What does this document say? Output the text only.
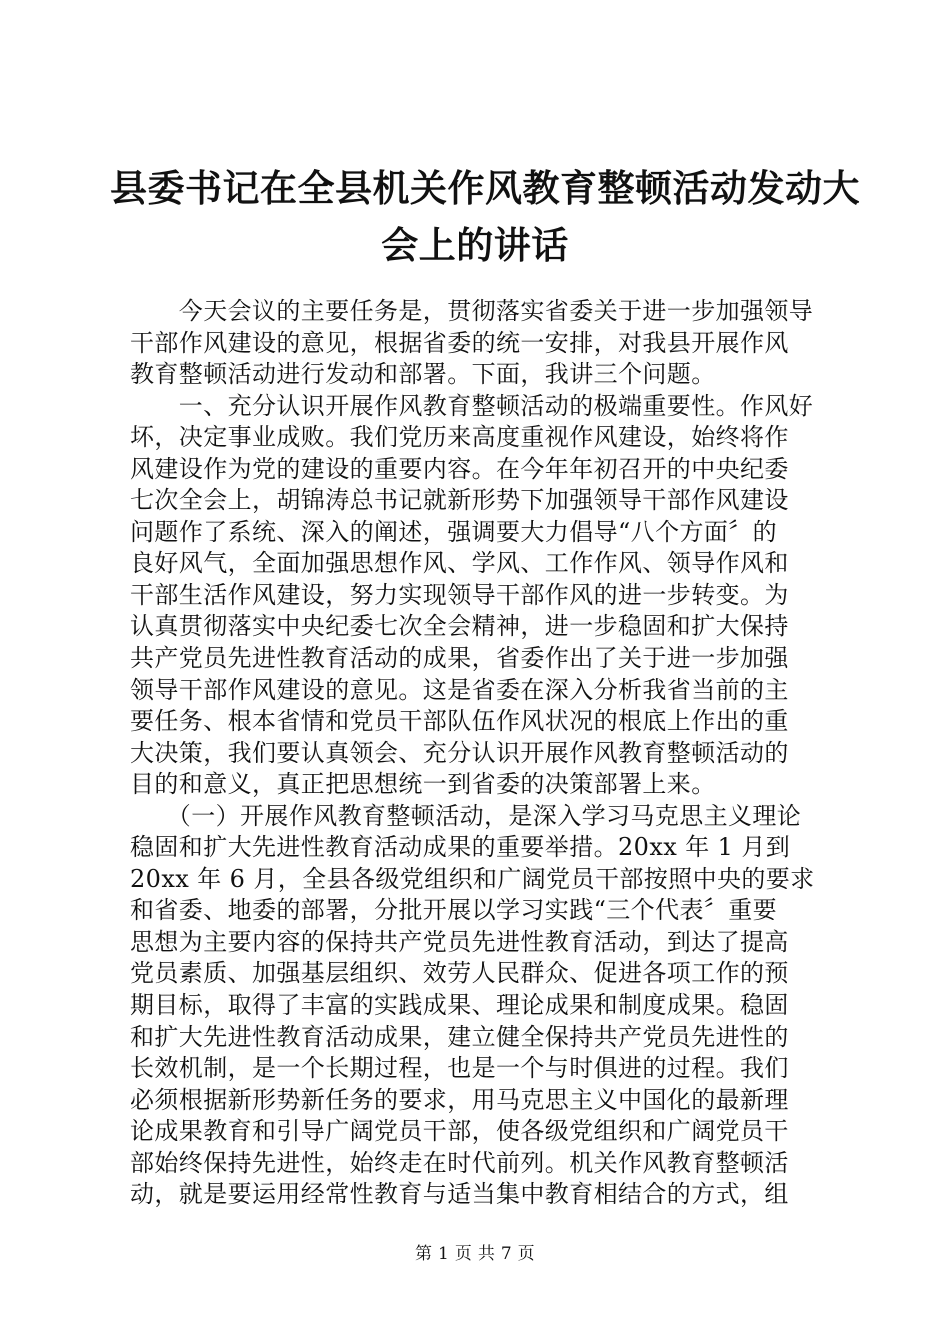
县委书记在全县机关作风教育整顿活动发动大
会上的讲话
　　今天会议的主要任务是，贯彻落实省委关于进一步加强领导
干部作风建设的意见，根据省委的统一安排，对我县开展作风
教育整顿活动进行发动和部署。下面，我讲三个问题。
　　一、充分认识开展作风教育整顿活动的极端重要性。作风好
坏，决定事业成败。我们党历来高度重视作风建设，始终将作
风建设作为党的建设的重要内容。在今年年初召开的中央纪委
七次全会上，胡锦涛总书记就新形势下加强领导干部作风建设
问题作了系统、深入的阐述，强调要大力倡导“八个方面〞的
良好风气，全面加强思想作风、学风、工作作风、领导作风和
干部生活作风建设，努力实现领导干部作风的进一步转变。为
认真贯彻落实中央纪委七次全会精神，进一步稳固和扩大保持
共产党员先进性教育活动的成果，省委作出了关于进一步加强
领导干部作风建设的意见。这是省委在深入分析我省当前的主
要任务、根本省情和党员干部队伍作风状况的根底上作出的重
大决策，我们要认真领会、充分认识开展作风教育整顿活动的
目的和意义，真正把思想统一到省委的决策部署上来。
　　（一）开展作风教育整顿活动，是深入学习马克思主义理论
稳固和扩大先进性教育活动成果的重要举措。20xx 年 1 月到
20xx 年 6 月，全县各级党组织和广阔党员干部按照中央的要求
和省委、地委的部署，分批开展以学习实践“三个代表〞重要
思想为主要内容的保持共产党员先进性教育活动，到达了提高
党员素质、加强基层组织、效劳人民群众、促进各项工作的预
期目标，取得了丰富的实践成果、理论成果和制度成果。稳固
和扩大先进性教育活动成果，建立健全保持共产党员先进性的
长效机制，是一个长期过程，也是一个与时俱进的过程。我们
必须根据新形势新任务的要求，用马克思主义中国化的最新理
论成果教育和引导广阔党员干部，使各级党组织和广阔党员干
部始终保持先进性，始终走在时代前列。机关作风教育整顿活
动，就是要运用经常性教育与适当集中教育相结合的方式，组
第 1 页 共 7 页
